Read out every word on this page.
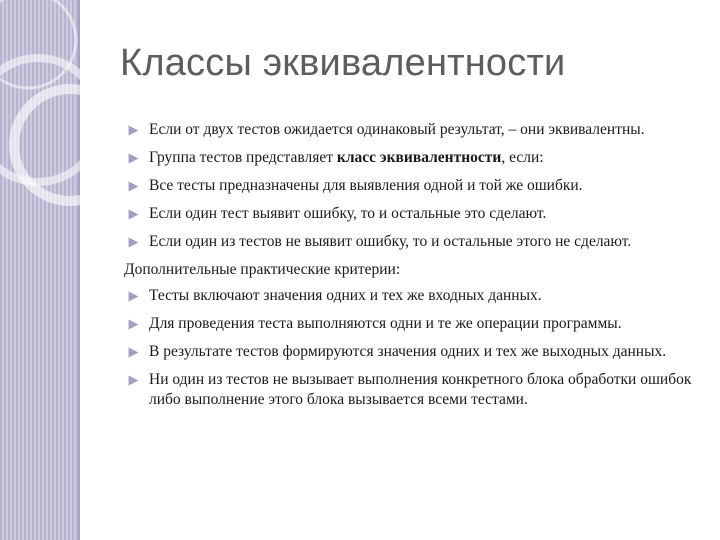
Классы эквивалентности
Если от двух тестов ожидается одинаковый результат, – они эквивалентны.
Группа тестов представляет класс эквивалентности, если:
Все тесты предназначены для выявления одной и той же ошибки.
Если один тест выявит ошибку, то и остальные это сделают.
Если один из тестов не выявит ошибку, то и остальные этого не сделают.
Дополнительные практические критерии:
Тесты включают значения одних и тех же входных данных.
Для проведения теста выполняются одни и те же операции программы.
В результате тестов формируются значения одних и тех же выходных данных.
Ни один из тестов не вызывает выполнения конкретного блока обработки ошибок либо выполнение этого блока вызывается всеми тестами.
